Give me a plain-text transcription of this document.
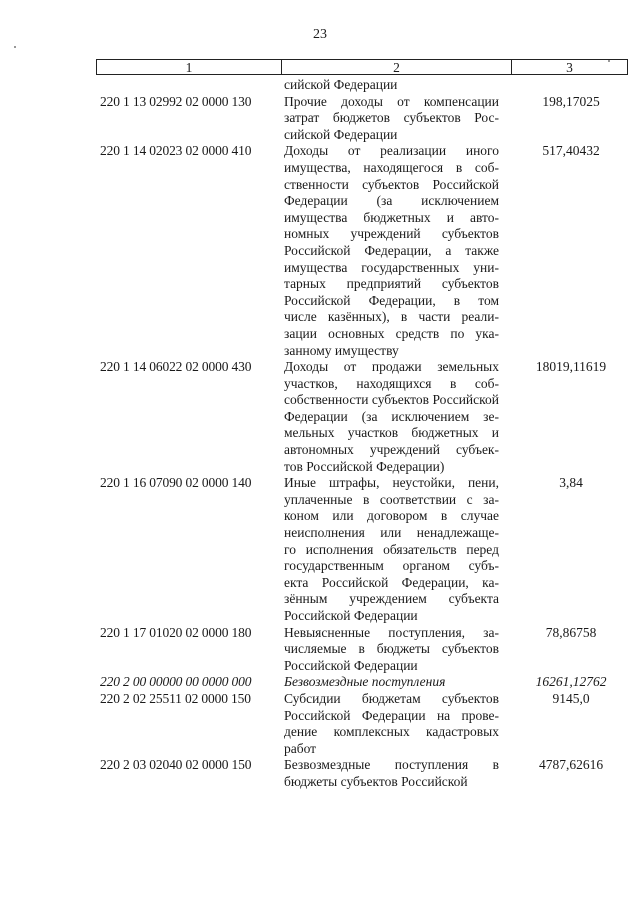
23
1	2	3
сийской Федерации
220 1 13 02992 02 0000 130	Прочие доходы от компенсации
затрат бюджетов субъектов Рос-
сийской Федерации
198,17025
220 1 14 02023 02 0000 410	Доходы от реализации иного
имущества, находящегося в соб-
ственности субъектов Российской
Федерации (за исключением
имущества бюджетных и авто-
номных учреждений субъектов
Российской Федерации, а также
имущества государственных уни-
тарных предприятий субъектов
Российской Федерации, в том
числе казённых), в части реали-
зации основных средств по ука-
занному имуществу
517,40432
220 1 14 06022 02 0000 430	Доходы от продажи земельных
участков, находящихся в соб-
собственности субъектов Российской
Федерации (за исключением зе-
мельных участков бюджетных и
автономных учреждений субъек-
тов Российской Федерации)
18019,11619
220 1 16 07090 02 0000 140	Иные штрафы, неустойки, пени,
уплаченные в соответствии с за-
коном или договором в случае
неисполнения или ненадлежаще-
го исполнения обязательств перед
государственным органом субъ-
екта Российской Федерации, ка-
зённым учреждением субъекта
Российской Федерации
3,84
220 1 17 01020 02 0000 180	Невыясненные поступления, за-
числяемые в бюджеты субъектов
Российской Федерации
78,86758
220 2 00 00000 00 0000 000	Безвозмездные поступления	16261,12762
220 2 02 25511 02 0000 150	Субсидии бюджетам субъектов
Российской Федерации на прове-
дение комплексных кадастровых
работ
9145,0
220 2 03 02040 02 0000 150	Безвозмездные поступления в
бюджеты субъектов Российской
4787,62616
